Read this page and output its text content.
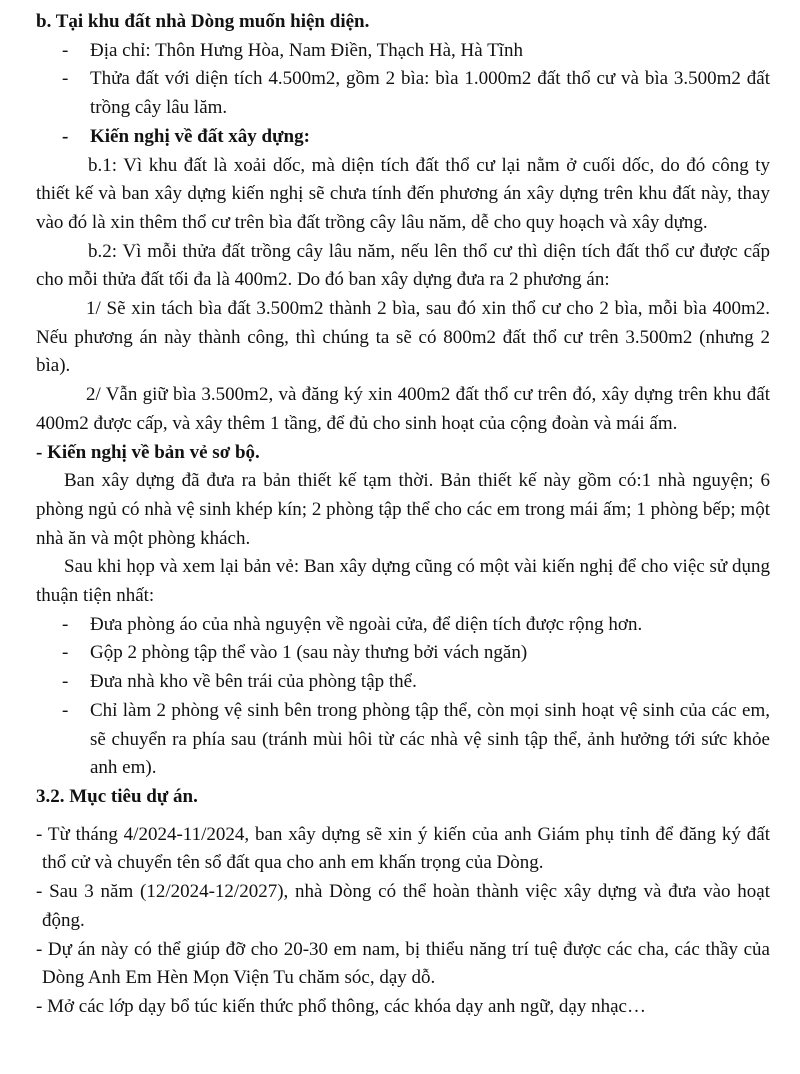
b. Tại khu đất nhà Dòng muốn hiện diện.
- Địa chỉ: Thôn Hưng Hòa, Nam Điền, Thạch Hà, Hà Tĩnh
- Thửa đất với diện tích 4.500m2, gồm 2 bìa: bìa 1.000m2 đất thổ cư và bìa 3.500m2 đất trồng cây lâu lăm.
- Kiến nghị về đất xây dựng:

b.1: Vì khu đất là xoải dốc, mà diện tích đất thổ cư lại nằm ở cuối dốc, do đó công ty thiết kế và ban xây dựng kiến nghị sẽ chưa tính đến phương án xây dựng trên khu đất này, thay vào đó là xin thêm thổ cư trên bìa đất trồng cây lâu năm, dễ cho quy hoạch và xây dựng.

b.2: Vì mỗi thửa đất trồng cây lâu năm, nếu lên thổ cư thì diện tích đất thổ cư được cấp cho mỗi thửa đất tối đa là 400m2. Do đó ban xây dựng đưa ra 2 phương án:

1/ Sẽ xin tách bìa đất 3.500m2 thành 2 bìa, sau đó xin thổ cư cho 2 bìa, mỗi bìa 400m2. Nếu phương án này thành công, thì chúng ta sẽ có 800m2 đất thổ cư trên 3.500m2 (nhưng 2 bìa).

2/ Vẫn giữ bìa 3.500m2, và đăng ký xin 400m2 đất thổ cư trên đó, xây dựng trên khu đất 400m2 được cấp, và xây thêm 1 tầng, để đủ cho sinh hoạt của cộng đoàn và mái ấm.

- Kiến nghị về bản vẻ sơ bộ.

Ban xây dựng đã đưa ra bản thiết kế tạm thời. Bản thiết kế này gồm có:1 nhà nguyện; 6 phòng ngủ có nhà vệ sinh khép kín; 2 phòng tập thể cho các em trong mái ấm; 1 phòng bếp; một nhà ăn và một phòng khách.

Sau khi họp và xem lại bản vẻ: Ban xây dựng cũng có một vài kiến nghị để cho việc sử dụng thuận tiện nhất:

- Đưa phòng áo của nhà nguyện về ngoài cửa, để diện tích được rộng hơn.
- Gộp 2 phòng tập thể vào 1 (sau này thưng bởi vách ngăn)
- Đưa nhà kho về bên trái của phòng tập thể.
- Chỉ làm 2 phòng vệ sinh bên trong phòng tập thể, còn mọi sinh hoạt vệ sinh của các em, sẽ chuyển ra phía sau (tránh mùi hôi từ các nhà vệ sinh tập thể, ảnh hưởng tới sức khỏe anh em).
3.2. Mục tiêu dự án.

- Từ tháng 4/2024-11/2024, ban xây dựng sẽ xin ý kiến của anh Giám phụ tỉnh để đăng ký đất thổ cử và chuyển tên sổ đất qua cho anh em khấn trọng của Dòng.

- Sau 3 năm (12/2024-12/2027), nhà Dòng có thể hoàn thành việc xây dựng và đưa vào hoạt động.

- Dự án này có thể giúp đỡ cho 20-30 em nam, bị thiểu năng trí tuệ được các cha, các thầy của Dòng Anh Em Hèn Mọn Viện Tu chăm sóc, dạy dỗ.

- Mở các lớp dạy bổ túc kiến thức phổ thông, các khóa dạy anh ngữ, dạy nhạc…
